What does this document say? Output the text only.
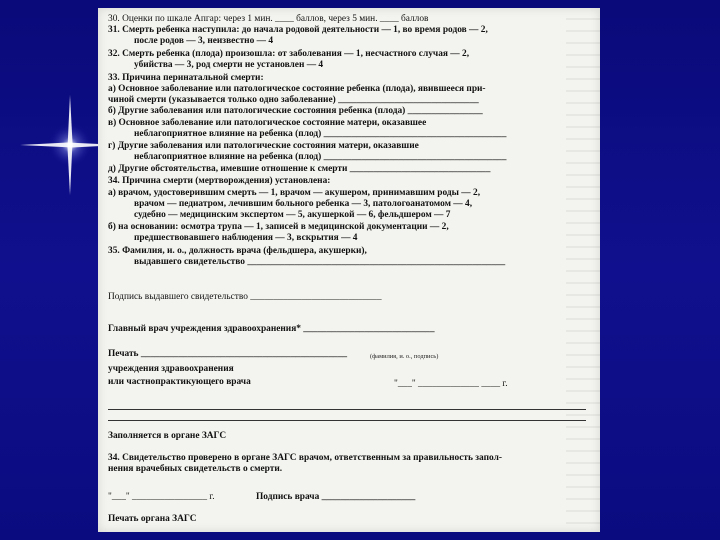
30. Оценки по шкале Апгар: через 1 мин. ____ баллов, через 5 мин. ____ баллов
31. Смерть ребенка наступила: до начала родовой деятельности — 1, во время родов — 2,
после родов — 3, неизвестно — 4
32. Смерть ребенка (плода) произошла: от заболевания — 1, несчастного случая — 2,
убийства — 3, род смерти не установлен — 4
33. Причина перинатальной смерти:
а) Основное заболевание или патологическое состояние ребенка (плода), явившееся при-
чиной смерти (указывается только одно заболевание) ______________________________
б) Другие заболевания или патологические состояния ребенка (плода) ________________
в) Основное заболевание или патологическое состояние матери, оказавшее
неблагоприятное влияние на ребенка (плод) _______________________________________
г) Другие заболевания или патологические состояния матери, оказавшие
неблагоприятное влияние на ребенка (плод) _______________________________________
д) Другие обстоятельства, имевшие отношение к смерти ______________________________
34. Причина смерти (мертворождения) установлена:
а) врачом, удостоверившим смерть — 1, врачом — акушером, принимавшим роды — 2,
врачом — педиатром, лечившим больного ребенка — 3, патологоанатомом — 4,
судебно — медицинским экспертом — 5, акушеркой — 6, фельдшером — 7
б) на основании: осмотра трупа — 1, записей в медицинской документации — 2,
предшествовавшего наблюдения — 3, вскрытия — 4
35. Фамилия, и. о., должность врача (фельдшера, акушерки),
выдавшего свидетельство _______________________________________________________
Подпись выдавшего свидетельство ____________________________
Главный врач учреждения здравоохранения* ____________________________
Печать ____________________________________________	(фамилия, и. о., подпись)
учреждения здравоохранения
или частнопрактикующего врача	"___" _____________ ____ г.
Заполняется в органе ЗАГС
34. Свидетельство проверено в органе ЗАГС врачом, ответственным за правильность запол-
нения врачебных свидетельств о смерти.
"___" ________________ г.	Подпись врача ____________________
Печать органа ЗАГС
